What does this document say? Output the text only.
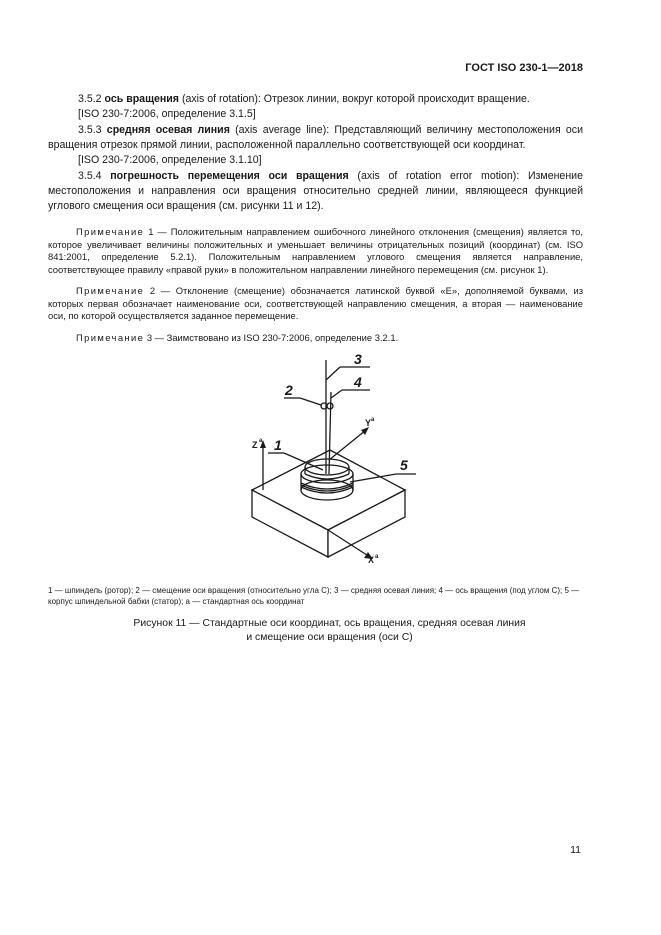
ГОСТ ISO 230-1—2018

3.5.2 ось вращения (axis of rotation): Отрезок линии, вокруг которой происходит вращение.

[ISO 230-7:2006, определение 3.1.5]

3.5.3 средняя осевая линия (axis average line): Представляющий величину местоположения оси вращения отрезок прямой линии, расположенной параллельно соответствующей оси координат.

[ISO 230-7:2006, определение 3.1.10]

3.5.4 погрешность перемещения оси вращения (axis of rotation error motion): Изменение местоположения и направления оси вращения относительно средней линии, являющееся функцией углового смещения оси вращения (см. рисунки 11 и 12).

Примечание 1 — Положительным направлением ошибочного линейного отклонения (смещения) является то, которое увеличивает величины положительных и уменьшает величины отрицательных позиций (координат) (см. ISO 841:2001, определение 5.2.1). Положительным направлением углового смещения является направление, соответствующее правилу «правой руки» в положительном направлении линейного перемещения (см. рисунок 1).

Примечание 2 — Отклонение (смещение) обозначается латинской буквой «E», дополняемой буквами, из которых первая обозначает наименование оси, соответствующей направлению смещения, а вторая — наименование оси, по которой осуществляется заданное перемещение.

Примечание 3 — Заимствовано из ISO 230-7:2006, определение 3.2.1.

1
2
3
4
5
Z a
Y a
X a
1 — шпиндель (ротор); 2 — смещение оси вращения (относительно угла C); 3 — средняя осевая линия; 4 — ось вращения (под углом C); 5 — корпус шпиндельной бабки (статор); a — стандартная ось координат
Рисунок 11 — Стандартные оси координат, ось вращения, средняя осевая линия
и смещение оси вращения (оси C)
11
